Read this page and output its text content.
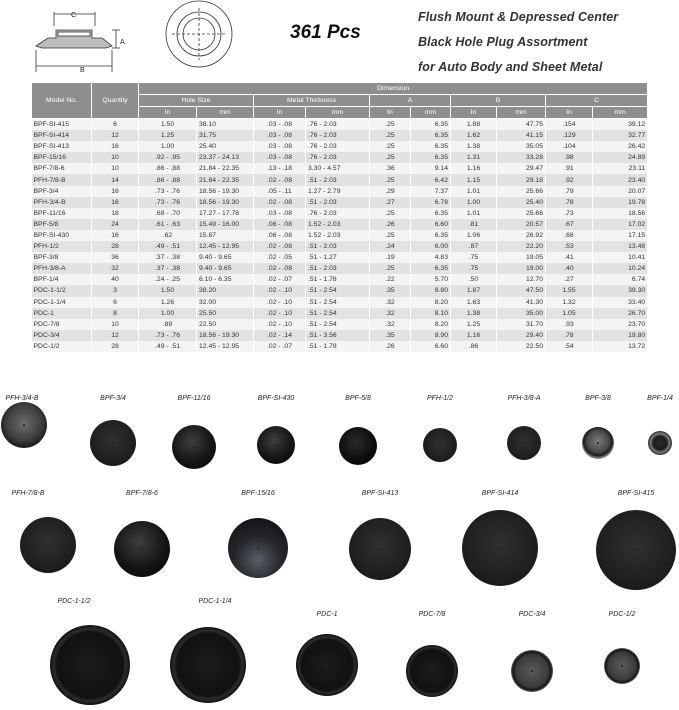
C
A
B
361 Pcs
Flush Mount & Depressed Center
Black Hole Plug Assortment
for Auto Body and Sheet Metal
Model No.	Quantity	Dimension									
		Hole Size		Metal Thickness		A		B		C	
		In	mm	In	mm	In	mm	In	mm	In	mm
BPF-SI-415	6	1.50	38.10	.03 - .08	.76 - 2.03	.25	6.35	1.88	47.75	.154	39.12
BPF-SI-414	12	1.25	31.75	.03 - .08	.76 - 2.03	.25	6.35	1.62	41.15	.129	32.77
BPF-SI-413	16	1.00	25.40	.03 - .08	.76 - 2.03	.25	6.35	1.38	35.05	.104	26.42
BPF-15/16	10	.92 - .95	23.37 - 24.13	.03 - .08	.76 - 2.03	.25	6.35	1.31	33.28	.98	24.89
BPF-7/8-6	10	.86 - .88	21.84 - 22.35	.13 - .18	3.30 - 4.57	.36	9.14	1.16	29.47	.91	23.11
PFH-7/8-B	14	.86 - .88	21.84 - 22.35	.02 - .08	.51 - 2.03	.25	6.42	1.15	29.18	.92	23.40
BPF-3/4	16	.73 - .76	18.56 - 19.30	.05 - .11	1.27 - 2.79	.29	7.37	1.01	25.66	.79	20.07
PFH-3/4-B	16	.73 - .76	18.56 - 19.30	.02 - .08	.51 - 2.03	.27	6.78	1.00	25.40	.78	19.78
BPF-11/16	18	.68 - .70	17.27 - 17.78	.03 - .08	.76 - 2.03	.25	6.35	1.01	25.66	.73	18.56
BPF-5/8	24	.61 - .63	15.49 - 16.00	.06 - .08	1.52 - 2.03	.26	6.60	.81	20.57	.67	17.02
BPF-SI-430	16	.62	15.87	.06 - .08	1.52 - 2.03	.25	6.35	1.06	26.92	.68	17.15
PFH-1/2	28	.49 - .51	12.45 - 12.95	.02 - .08	.51 - 2.03	.24	6.00	.87	22.20	.53	13.48
BPF-3/8	36	.37 - .38	9.40 - 9.65	.02 - .05	.51 - 1.27	.19	4.83	.75	19.05	.41	10.41
PFH-3/8-A	32	.37 - .38	9.40 - 9.65	.02 - .08	.51 - 2.03	.25	6.35	.75	19.00	.40	10.24
BPF-1/4	40	.24 - .25	6.10 - 6.35	.02 - .07	.51 - 1.78	.22	5.70	.50	12.70	.27	6.74
PDC-1-1/2	3	1.50	38.20	.02 - .10	.51 - 2.54	.35	8.80	1.87	47.50	1.55	39.30
PDC-1-1/4	6	1.26	32.00	.02 - .10	.51 - 2.54	.32	8.20	1.63	41.30	1.32	33.40
PDC-1	8	1.00	25.50	.02 - .10	.51 - 2.54	.32	8.10	1.38	35.00	1.05	26.70
PDC-7/8	10	.89	22.50	.02 - .10	.51 - 2.54	.32	8.20	1.25	31.70	.93	23.70
PDC-3/4	12	.73 - .76	18.56 - 19.30	.02 - .14	.51 - 3.56	.35	8.90	1.16	29.40	.78	19.80
PDC-1/2	28	.49 - .51	12.45 - 12.95	.02 - .07	.51 - 1.78	.26	6.60	.86	22.50	.54	13.72
PFH-3/4-B	BPF-3/4	BPF-11/16	BPF-SI-430	BPF-5/8	PFH-1/2	PFH-3/8-A	BPF-3/8	BPF-1/4
PFH-7/8-B	BPF-7/8-6	BPF-15/16	BPF-SI-413	BPF-SI-414	BPF-SI-415
PDC-1-1/2	PDC-1-1/4
PDC-1	PDC-7/8	PDC-3/4	PDC-1/2
